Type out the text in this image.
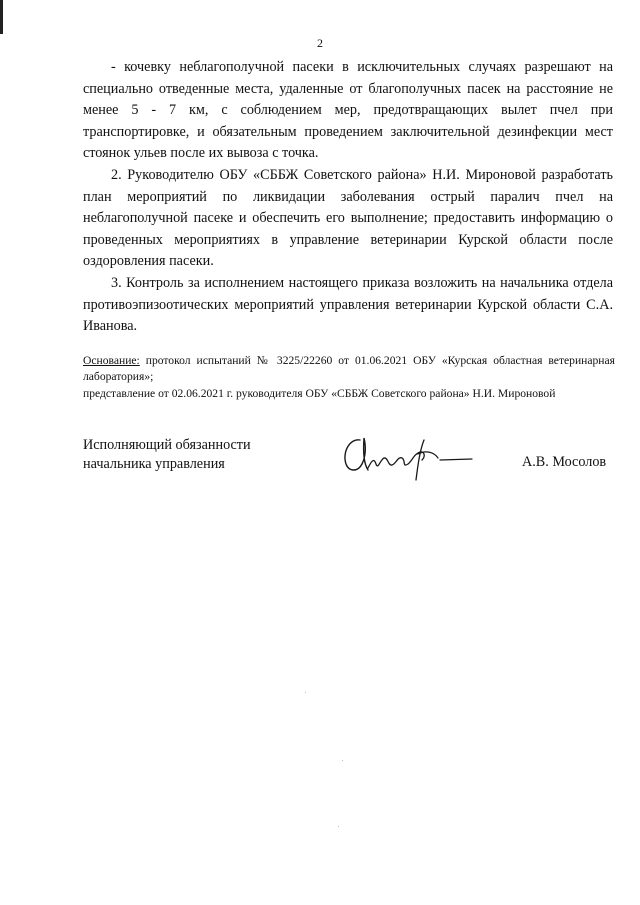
2

- кочевку неблагополучной пасеки в исключительных случаях разрешают на специально отведенные места, удаленные от благополучных пасек на расстояние не менее 5 - 7 км, с соблюдением мер, предотвращающих вылет пчел при транспортировке, и обязательным проведением заключительной дезинфекции мест стоянок ульев после их вывоза с точка.

2. Руководителю ОБУ «СББЖ Советского района» Н.И. Мироновой разработать план мероприятий по ликвидации заболевания острый паралич пчел на неблагополучной пасеке и обеспечить его выполнение; предоставить информацию о проведенных мероприятиях в управление ветеринарии Курской области после оздоровления пасеки.

3. Контроль за исполнением настоящего приказа возложить на начальника отдела противоэпизоотических мероприятий управления ветеринарии Курской области С.А. Иванова.

Основание: протокол испытаний № 3225/22260 от 01.06.2021 ОБУ «Курская областная ветеринарная лаборатория»;

представление от 02.06.2021 г. руководителя ОБУ «СББЖ Советского района» Н.И. Мироновой

Исполняющий обязанности
начальника управления	А.В. Мосолов
